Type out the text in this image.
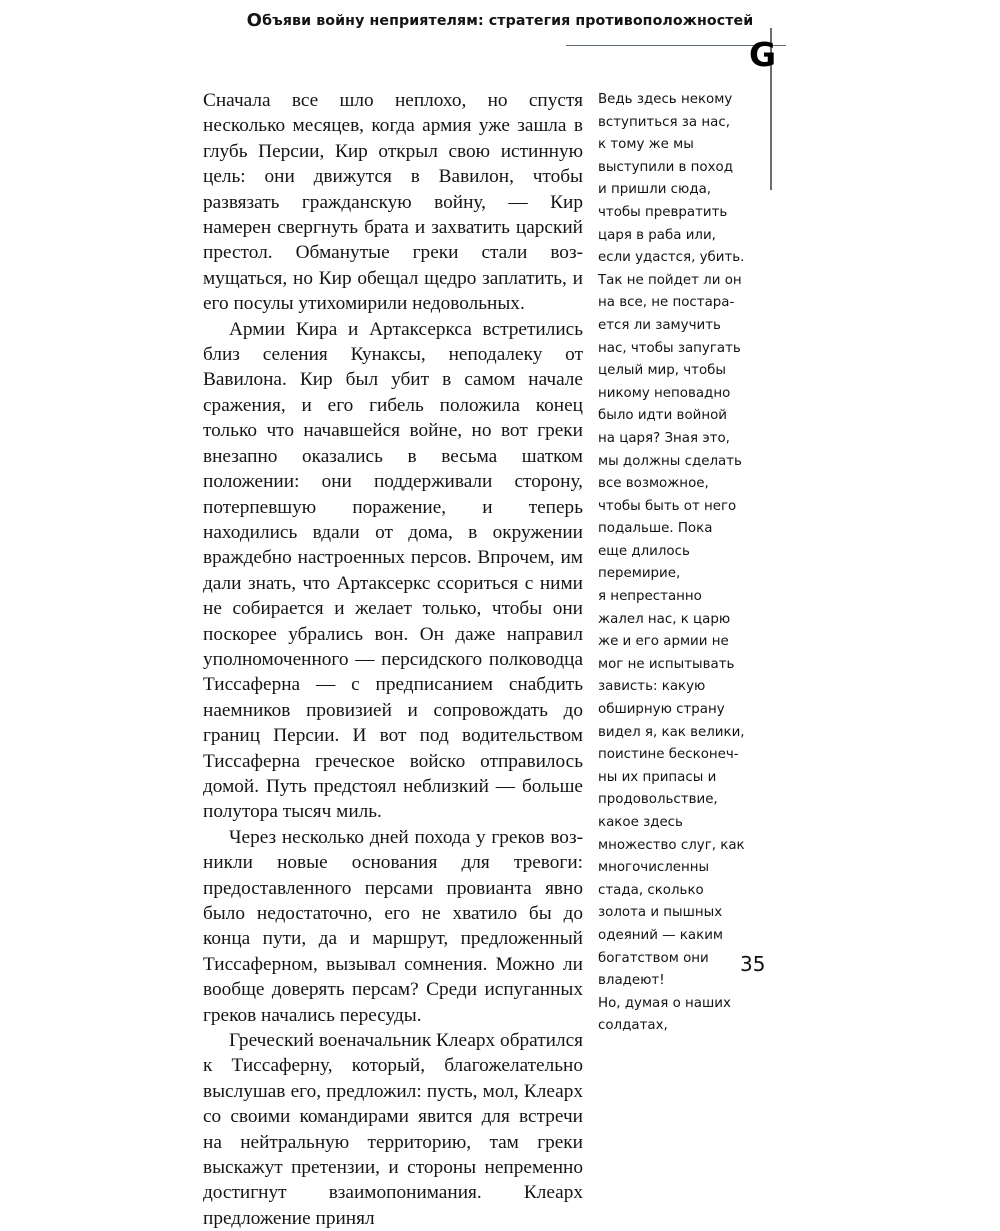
Объяви войну неприятелям: стратегия противоположностей
G

Сначала все шло неплохо, но спустя несколько месяцев, когда армия уже зашла в глубь Персии, Кир открыл свою истинную цель: они движутся в Вавилон, чтобы развязать гражданскую войну, — Кир намерен свергнуть брата и захватить царский престол. Обманутые греки стали возмущаться, но Кир обещал щедро заплатить, и его посулы утихомирили недовольных.

Армии Кира и Артаксеркса встретились близ селения Кунаксы, неподалеку от Вавилона. Кир был убит в самом начале сражения, и его гибель положила конец только что начавшейся войне, но вот греки внезапно оказались в весьма шатком положении: они поддерживали сторону, потерпевшую поражение, и теперь находились вдали от дома, в окружении враждебно настроенных персов. Впрочем, им дали знать, что Артаксеркс ссориться с ними не собирается и желает только, чтобы они поскорее убрались вон. Он даже направил уполномоченного — персидского полководца Тиссаферна — с предписанием снабдить наемников провизией и сопровождать до границ Персии. И вот под водительством Тиссаферна греческое войско отправилось домой. Путь предстоял неблизкий — больше полутора тысяч миль.

Через несколько дней похода у греков возникли новые основания для тревоги: предоставленного персами провианта явно было недостаточно, его не хватило бы до конца пути, да и маршрут, предложенный Тиссаферном, вызывал сомнения. Можно ли вообще доверять персам? Среди испуганных греков начались пересуды.

Греческий военачальник Клеарх обратился к Тиссаферну, который, благожелательно выслушав его, предложил: пусть, мол, Клеарх со своими командирами явится для встречи на нейтральную территорию, там греки выскажут претензии, и стороны непременно достигнут взаимопонимания. Клеарх предложение принял

Ведь здесь некому
вступиться за нас,
к тому же мы
выступили в поход
и пришли сюда,
чтобы превратить
царя в раба или,
если удастся, убить.
Так не пойдет ли он
на все, не постара-
ется ли замучить
нас, чтобы запугать
целый мир, чтобы
никому неповадно
было идти войной
на царя? Зная это,
мы должны сделать
все возможное,
чтобы быть от него
подальше. Пока
еще длилось
перемирие,
я непрестанно
жалел нас, к царю
же и его армии не
мог не испытывать
зависть: какую
обширную страну
видел я, как велики,
поистине бесконеч-
ны их припасы и
продовольствие,
какое здесь
множество слуг, как
многочисленны
стада, сколько
золота и пышных
одеяний — каким
богатством они
владеют!
Но, думая о наших
солдатах,
35
